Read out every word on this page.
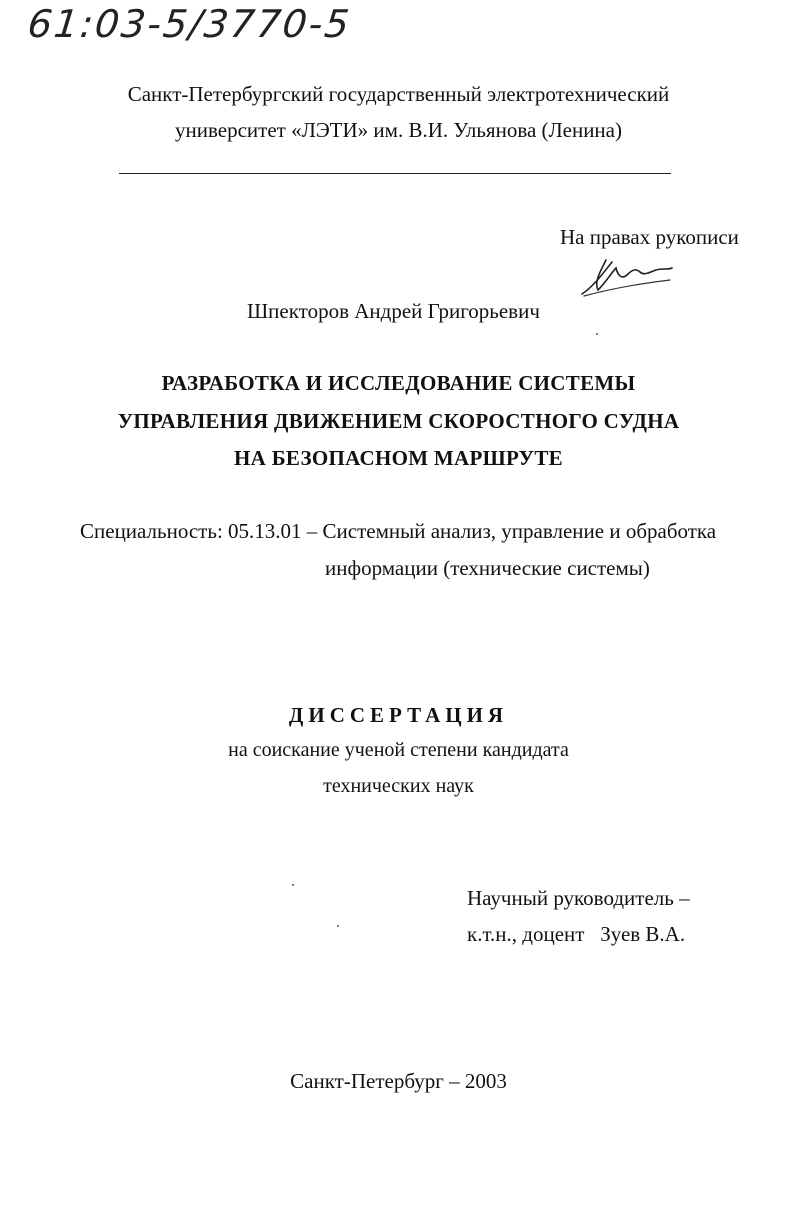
61:03-5/3770-5
Санкт-Петербургский государственный электротехнический
университет «ЛЭТИ» им. В.И. Ульянова (Ленина)
На правах рукописи
Шпекторов Андрей Григорьевич
РАЗРАБОТКА И ИССЛЕДОВАНИЕ СИСТЕМЫ
УПРАВЛЕНИЯ ДВИЖЕНИЕМ СКОРОСТНОГО СУДНА
НА БЕЗОПАСНОМ МАРШРУТЕ
Специальность: 05.13.01 – Системный анализ, управление и обработка
информации (технические системы)
ДИССЕРТАЦИЯ
на соискание ученой степени кандидата
технических наук
Научный руководитель –
к.т.н., доцент   Зуев В.А.
Санкт-Петербург – 2003
